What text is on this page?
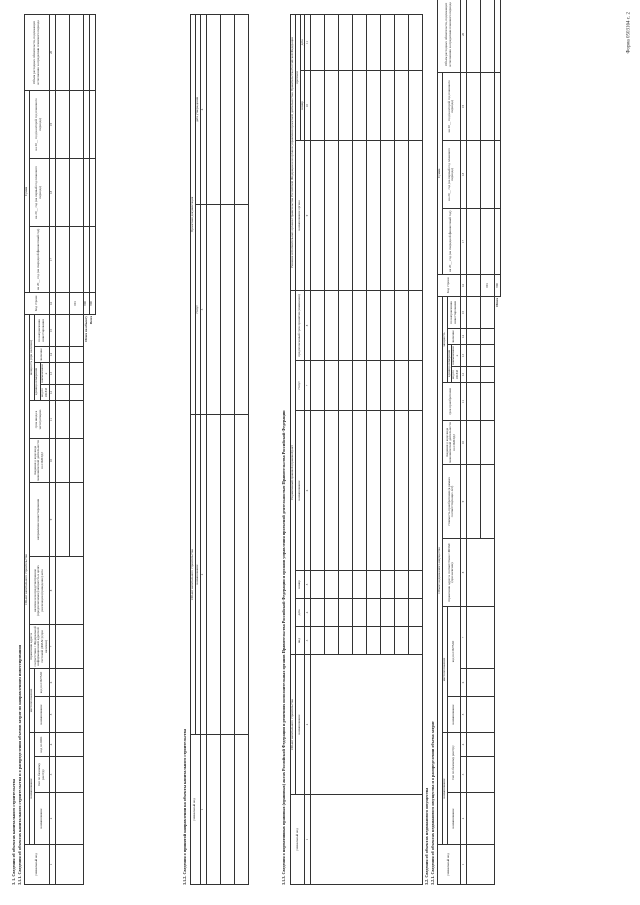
Форма 0503164 с. 2
3. 1. Сведения об объектах капитального строительства 3.1.1. Сведения об объектах капитального строительства и о распределении объемов затрат по направлениям инвестирования	уникальный код	Объект капитального строительства														Код строки	Сумма			Объем расходных обязательств, подлежащих исполнению за пределами планового периода
	наименование			местоположение		справочник адрес в соответствии с Федеральной информационной адресной системой (ФИАС) (при наличии)	наличие или предусмотренное (предполагаемое) мощность в целях реализации (приведение) акта	направление инвестирования	сведения о коде вида экономической деятельности по ОКВЭД2	срок ввода в эксплуатацию	мощность (при наличии)					на 20__ год (на очередной финансовый год)	на 20__ год (на первый год планового периода)	на 20__ год (на второй год планового периода)	
	наименование	тип по базовому реестру	код по КБК	наименование	код по ОКТМО						единица измерения		значение	по направлению инвестирования					
											код по ОКЕИ	наименование							
1	2	3	4	5	6	7	8	9	10	11	12	13	14	15	16	17	18	19	20

															001				
Итого по объекту															900				
Всего															900				
3.1.2. Сведения о принятой направлении на объекты капитального строительства уникальный код	Объект капитального строительства	Проектная документация	
	наименование	статус	дата утверждения
1	2	3	4

3.1.3. Сведения о нормативных правовых (правовых) актах Российской Федерации и решениях исполнительных органов Правительства Российской Федерации и органов управления проектной деятельностью Правительства Российской Федерации	уникальный код	Объект капитального строительства	Нормативный правовой (правовой) акт						Решение исполнительных органов Правительства Российской Федерации или органов управления проектной деятельностью Правительства Российской Федерации		
	наименование	вид	дата	номер	наименование	статус	предполагаемый срок принятия (изменения)	наименование органа	протокол	
									номер	дата
1	2	3	4	5	6	7	8	9	10	11

3.2. Сведения об объектах недвижимого имущества 3.2.1. Сведения об объектах недвижимого имущества и о распределении объема затрат	уникальный код	Объект недвижимого имущества														Код строки	Сумма			Объем расходных обязательств, подлежащих исполнению за пределами планового периода
	наименование			местоположение			справочник адрес в соответствии с ФИАС (при наличии)	стоимость приобретения (в рамках соответствующих лет)	сведения о коде вида экономической деятельности по ОКВЭД2	срок приобретения	мощность					на 20__ год (на очередной финансовый год)	на 20__ год (на первый год планового периода)	на 20__ год (на второй год планового периода)	
	наименование	тип по базовому реестру		наименование	код по ОКТМО						единица измерения		значение	по направлению инвестирования					
											код по ОКЕИ	наименование							
1	2	3	4	5	6	7	8	9	10	11	12	13	14	15	16	17	18	19	20

															001				
Итого															900				
